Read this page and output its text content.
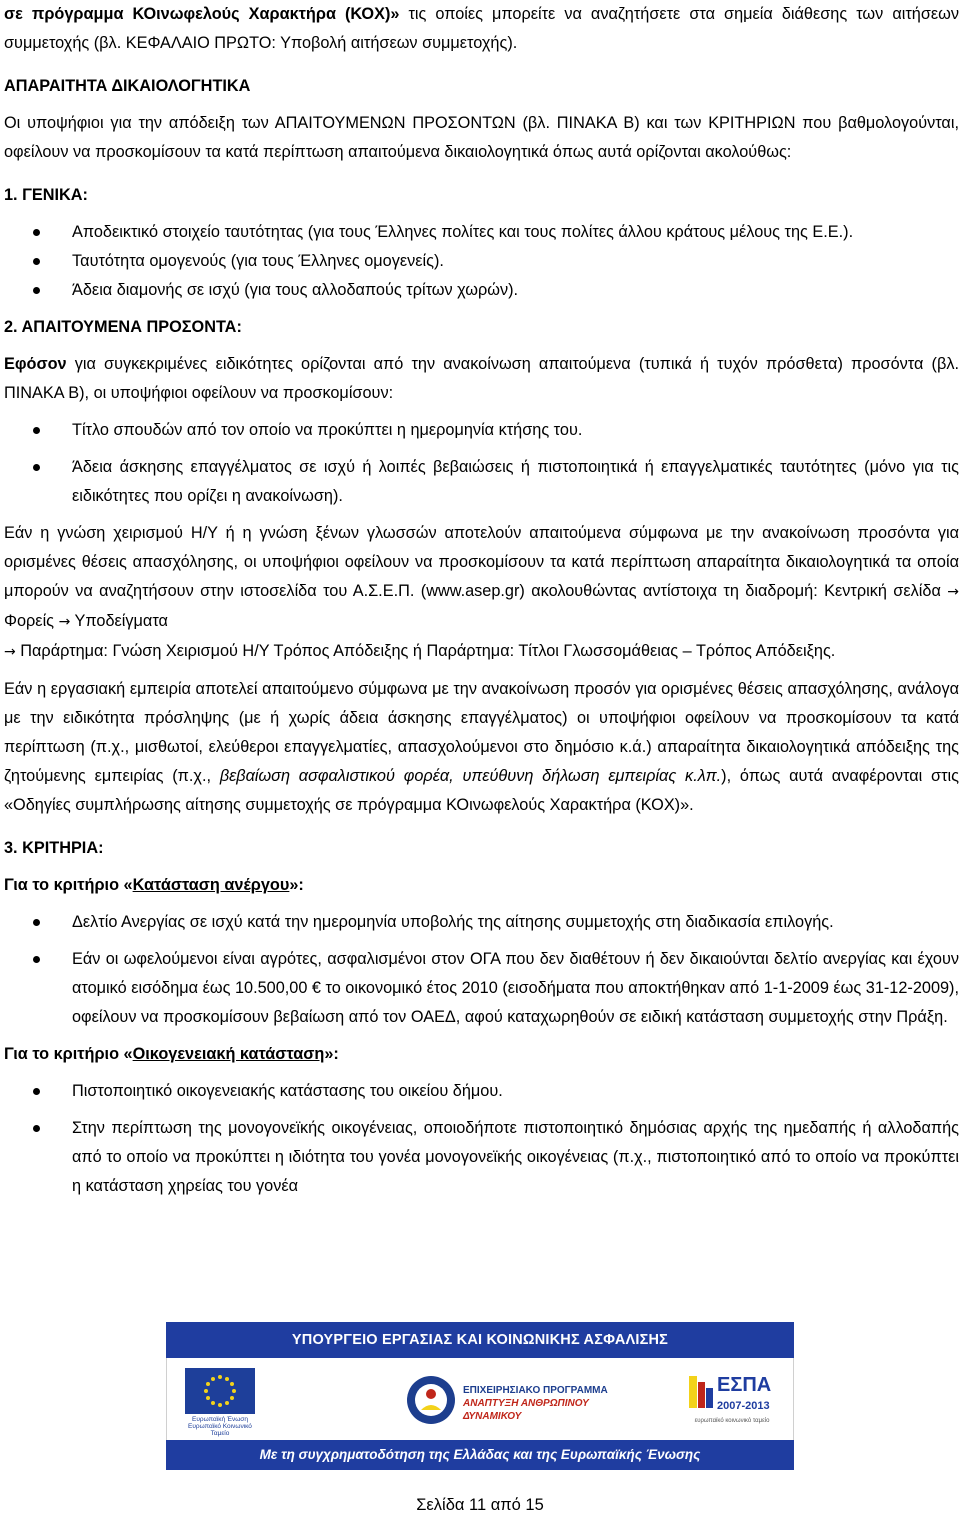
σε πρόγραμμα ΚΟινωφελούς Χαρακτήρα (ΚΟΧ)» τις οποίες μπορείτε να αναζητήσετε στα σημεία διάθεσης των αιτήσεων συμμετοχής (βλ. ΚΕΦΑΛΑΙΟ ΠΡΩΤΟ: Υποβολή αιτήσεων συμμετοχής).

ΑΠΑΡΑΙΤΗΤΑ ΔΙΚΑΙΟΛΟΓΗΤΙΚΑ

Οι υποψήφιοι για την απόδειξη των ΑΠΑΙΤΟΥΜΕΝΩΝ ΠΡΟΣΟΝΤΩΝ (βλ. ΠΙΝΑΚΑ Β) και των ΚΡΙΤΗΡΙΩΝ που βαθμολογούνται, οφείλουν να προσκομίσουν τα κατά περίπτωση απαιτούμενα δικαιολογητικά όπως αυτά ορίζονται ακολούθως:

1. ΓΕΝΙΚΑ:

Αποδεικτικό στοιχείο ταυτότητας (για τους Έλληνες πολίτες και τους πολίτες άλλου κράτους μέλους της Ε.Ε.).
Ταυτότητα ομογενούς (για τους Έλληνες ομογενείς).
Άδεια διαμονής σε ισχύ (για τους αλλοδαπούς τρίτων χωρών).

2. ΑΠΑΙΤΟΥΜΕΝΑ ΠΡΟΣΟΝΤΑ:

Εφόσον για συγκεκριμένες ειδικότητες ορίζονται από την ανακοίνωση απαιτούμενα (τυπικά ή τυχόν πρόσθετα) προσόντα (βλ. ΠΙΝΑΚΑ Β), οι υποψήφιοι οφείλουν να προσκομίσουν:

Τίτλο σπουδών από τον οποίο να προκύπτει η ημερομηνία κτήσης του.
Άδεια άσκησης επαγγέλματος σε ισχύ ή λοιπές βεβαιώσεις ή πιστοποιητικά ή επαγγελματικές ταυτότητες (μόνο για τις ειδικότητες που ορίζει η ανακοίνωση).

Εάν η γνώση χειρισμού Η/Υ ή η γνώση ξένων γλωσσών αποτελούν απαιτούμενα σύμφωνα με την ανακοίνωση προσόντα για ορισμένες θέσεις απασχόλησης, οι υποψήφιοι οφείλουν να προσκομίσουν τα κατά περίπτωση απαραίτητα δικαιολογητικά τα οποία μπορούν να αναζητήσουν στην ιστοσελίδα του Α.Σ.Ε.Π. (www.asep.gr) ακολουθώντας αντίστοιχα τη διαδρομή: Κεντρική σελίδα → Φορείς → Υποδείγματα
→ Παράρτημα: Γνώση Χειρισμού Η/Υ Τρόπος Απόδειξης ή Παράρτημα: Τίτλοι Γλωσσομάθειας – Τρόπος Απόδειξης.

Εάν η εργασιακή εμπειρία αποτελεί απαιτούμενο σύμφωνα με την ανακοίνωση προσόν για ορισμένες θέσεις απασχόλησης, ανάλογα με την ειδικότητα πρόσληψης (με ή χωρίς άδεια άσκησης επαγγέλματος) οι υποψήφιοι οφείλουν να προσκομίσουν τα κατά περίπτωση (π.χ., μισθωτοί, ελεύθεροι επαγγελματίες, απασχολούμενοι στο δημόσιο κ.ά.) απαραίτητα δικαιολογητικά απόδειξης της ζητούμενης εμπειρίας (π.χ., βεβαίωση ασφαλιστικού φορέα, υπεύθυνη δήλωση εμπειρίας κ.λπ.), όπως αυτά αναφέρονται στις «Οδηγίες συμπλήρωσης αίτησης συμμετοχής σε πρόγραμμα ΚΟινωφελούς Χαρακτήρα (ΚΟΧ)».

3. ΚΡΙΤΗΡΙΑ:

Για το κριτήριο «Κατάσταση ανέργου»:

Δελτίο Ανεργίας σε ισχύ κατά την ημερομηνία υποβολής της αίτησης συμμετοχής στη διαδικασία επιλογής.
Εάν οι ωφελούμενοι είναι αγρότες, ασφαλισμένοι στον ΟΓΑ που δεν διαθέτουν ή δεν δικαιούνται δελτίο ανεργίας και έχουν ατομικό εισόδημα έως 10.500,00 € το οικονομικό έτος 2010 (εισοδήματα που αποκτήθηκαν από 1-1-2009 έως 31-12-2009), οφείλουν να προσκομίσουν βεβαίωση από τον ΟΑΕΔ, αφού καταχωρηθούν σε ειδική κατάσταση συμμετοχής στην Πράξη.

Για το κριτήριο «Οικογενειακή κατάσταση»:

Πιστοποιητικό οικογενειακής κατάστασης του οικείου δήμου.
Στην περίπτωση της μονογονεϊκής οικογένειας, οποιοδήποτε πιστοποιητικό δημόσιας αρχής της ημεδαπής ή αλλοδαπής από το οποίο να προκύπτει η ιδιότητα του γονέα μονογονεϊκής οικογένειας (π.χ., πιστοποιητικό από το οποίο να προκύπτει η κατάσταση χηρείας του γονέα
ΥΠΟΥΡΓΕΙΟ ΕΡΓΑΣΙΑΣ ΚΑΙ ΚΟΙΝΩΝΙΚΗΣ ΑΣΦΑΛΙΣΗΣ
Ευρωπαϊκή Ένωση Ευρωπαϊκό Κοινωνικό Ταμείο
ΕΠΙΧΕΙΡΗΣΙΑΚΟ ΠΡΟΓΡΑΜΜΑ
ΑΝΑΠΤΥΞΗ ΑΝΘΡΩΠΙΝΟΥ ΔΥΝΑΜΙΚΟΥ
ΕΣΠΑ
2007-2013
ευρωπαϊκό κοινωνικό ταμείο
Με τη συγχρηματοδότηση της Ελλάδας και της Ευρωπαϊκής Ένωσης
Σελίδα 11 από 15
